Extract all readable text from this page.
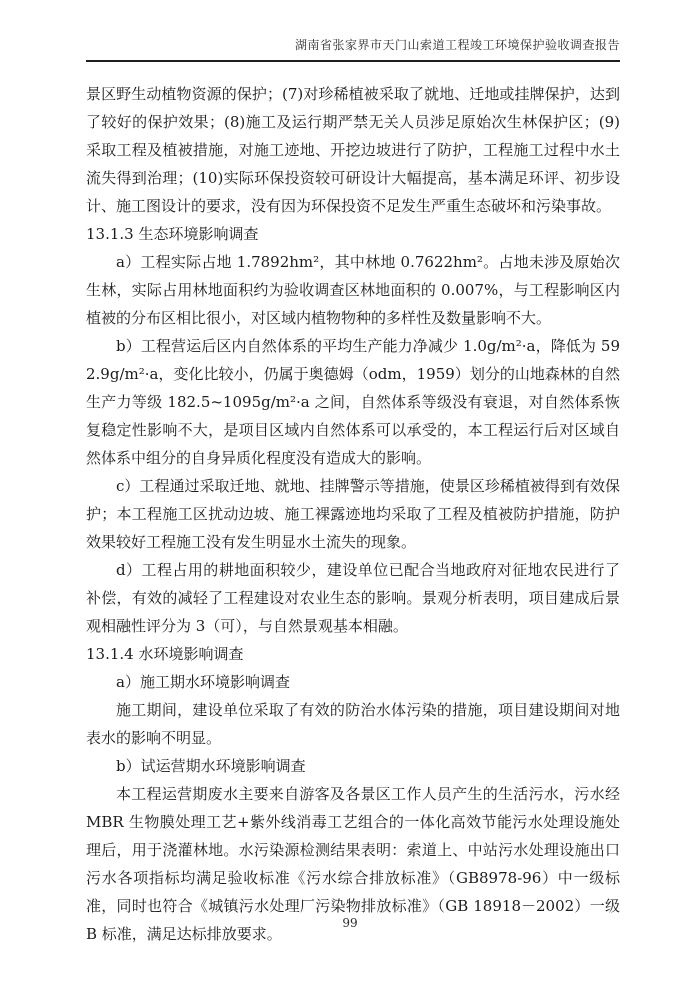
湖南省张家界市天门山索道工程竣工环境保护验收调查报告

景区野生动植物资源的保护；(7)对珍稀植被采取了就地、迁地或挂牌保护，达到了较好的保护效果；(8)施工及运行期严禁无关人员涉足原始次生林保护区；(9)采取工程及植被措施，对施工迹地、开挖边坡进行了防护，工程施工过程中水土流失得到治理；(10)实际环保投资较可研设计大幅提高，基本满足环评、初步设计、施工图设计的要求，没有因为环保投资不足发生严重生态破坏和污染事故。

13.1.3 生态环境影响调查

a）工程实际占地 1.7892hm²，其中林地 0.7622hm²。占地未涉及原始次生林，实际占用林地面积约为验收调查区林地面积的 0.007%，与工程影响区内植被的分布区相比很小，对区域内植物物种的多样性及数量影响不大。

b）工程营运后区内自然体系的平均生产能力净减少 1.0g/m²·a，降低为 592.9g/m²·a，变化比较小，仍属于奥德姆（odm，1959）划分的山地森林的自然生产力等级 182.5~1095g/m²·a 之间，自然体系等级没有衰退，对自然体系恢复稳定性影响不大，是项目区域内自然体系可以承受的，本工程运行后对区域自然体系中组分的自身异质化程度没有造成大的影响。

c）工程通过采取迁地、就地、挂牌警示等措施，使景区珍稀植被得到有效保护；本工程施工区扰动边坡、施工裸露迹地均采取了工程及植被防护措施，防护效果较好工程施工没有发生明显水土流失的现象。

d）工程占用的耕地面积较少，建设单位已配合当地政府对征地农民进行了补偿，有效的减轻了工程建设对农业生态的影响。景观分析表明，项目建成后景观相融性评分为 3（可），与自然景观基本相融。

13.1.4 水环境影响调查

a）施工期水环境影响调查

施工期间，建设单位采取了有效的防治水体污染的措施，项目建设期间对地表水的影响不明显。

b）试运营期水环境影响调查

本工程运营期废水主要来自游客及各景区工作人员产生的生活污水，污水经 MBR 生物膜处理工艺+紫外线消毒工艺组合的一体化高效节能污水处理设施处理后，用于浇灌林地。水污染源检测结果表明：索道上、中站污水处理设施出口污水各项指标均满足验收标准《污水综合排放标准》（GB8978-96）中一级标准，同时也符合《城镇污水处理厂污染物排放标准》（GB 18918－2002）一级 B 标准，满足达标排放要求。

99
